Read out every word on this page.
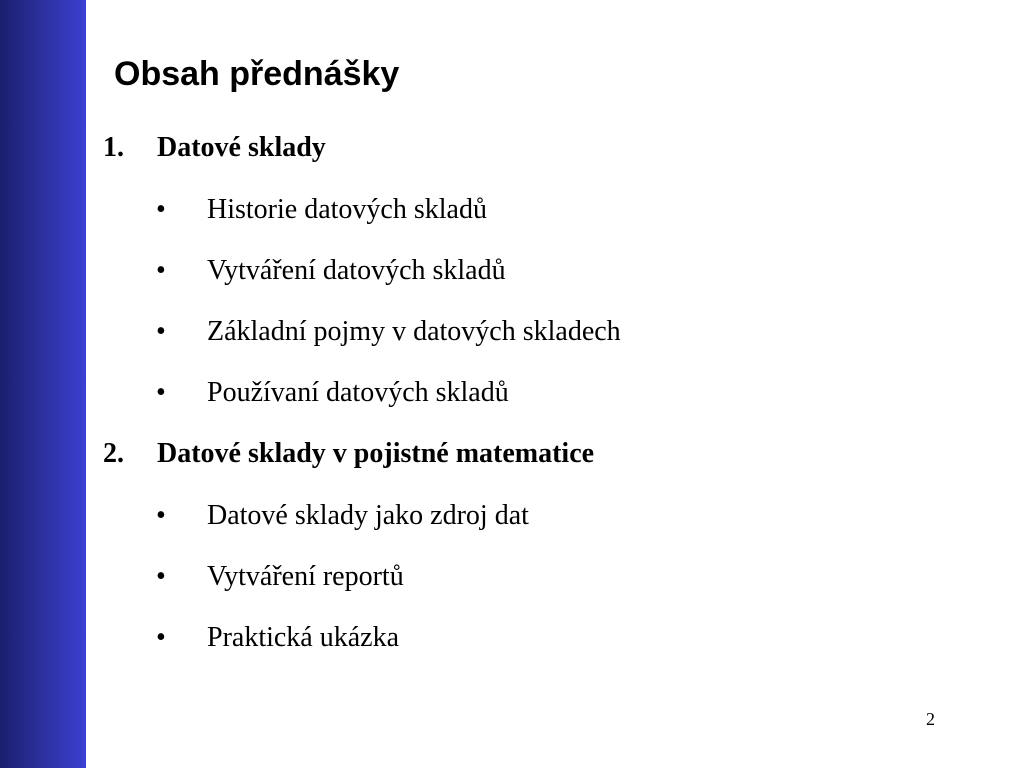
Obsah přednášky
1. Datové sklady
• Historie datových skladů
• Vytváření datových skladů
• Základní pojmy v datových skladech
• Používaní datových skladů
2. Datové sklady v pojistné matematice
• Datové sklady jako zdroj dat
• Vytváření reportů
• Praktická ukázka
2
